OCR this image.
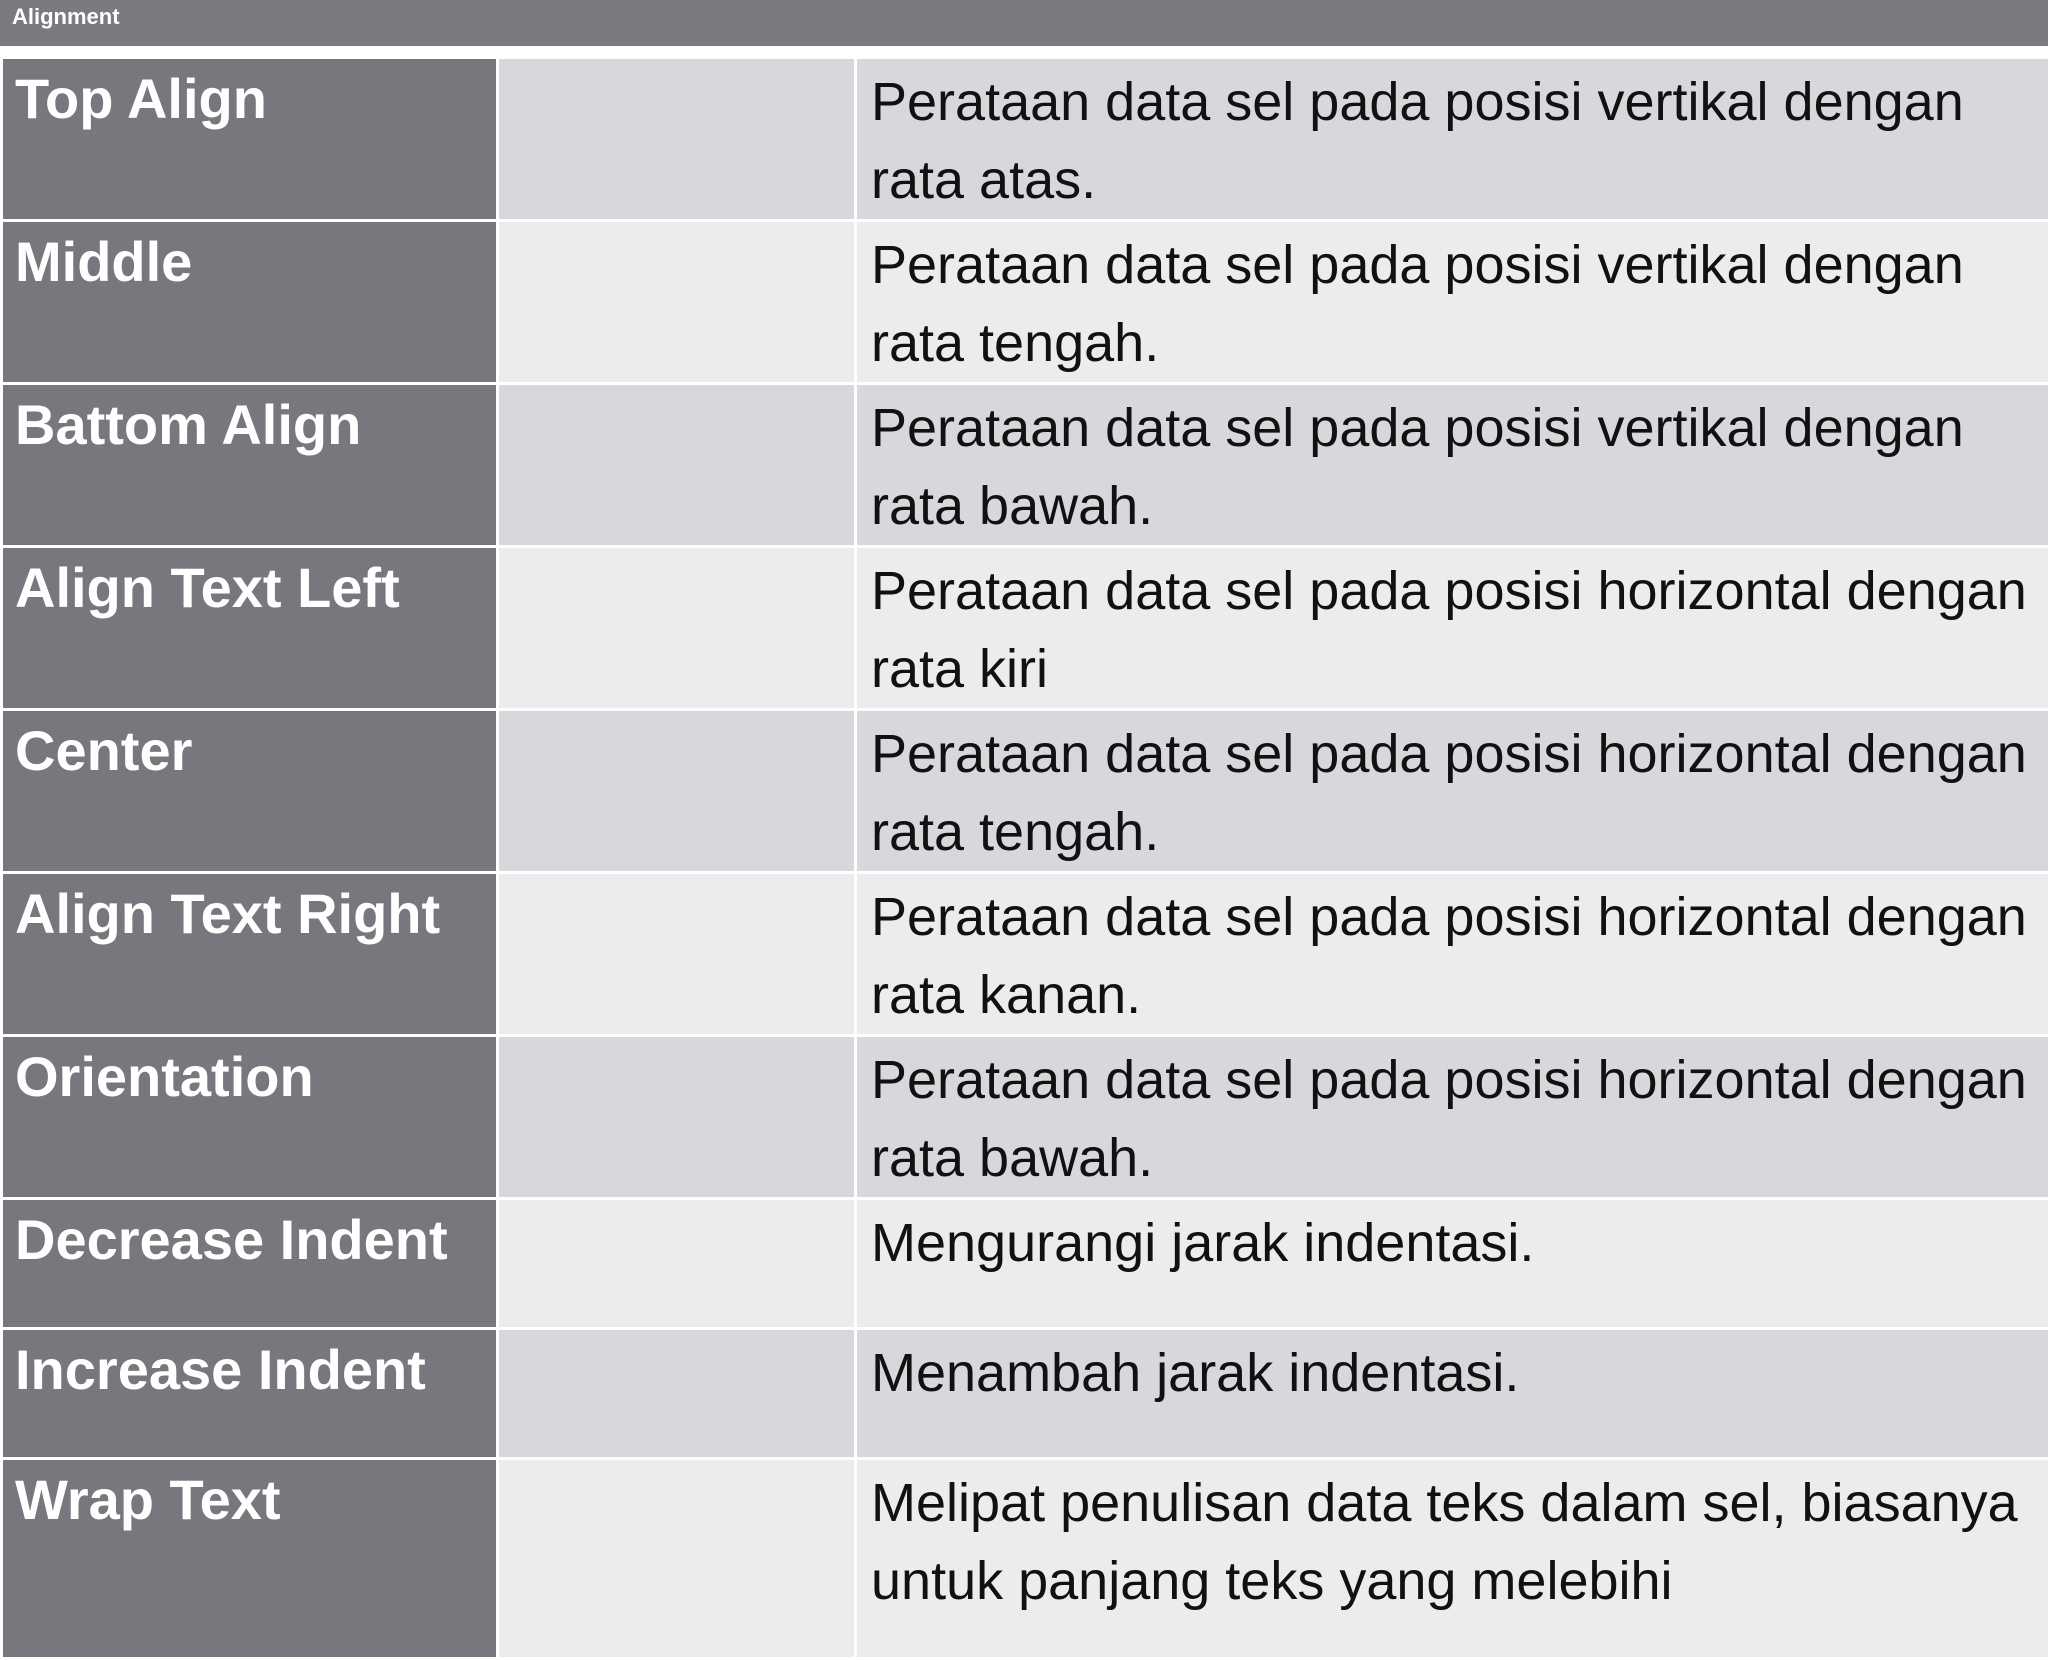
Alignment
Top Align		Perataan data sel pada posisi vertikal dengan rata atas.
Middle		Perataan data sel pada posisi vertikal dengan rata tengah.
Battom Align		Perataan data sel pada posisi vertikal dengan rata bawah.
Align Text Left		Perataan data sel pada posisi horizontal dengan rata kiri
Center		Perataan data sel pada posisi horizontal dengan rata tengah.
Align Text Right		Perataan data sel pada posisi horizontal dengan rata kanan.
Orientation		Perataan data sel pada posisi horizontal dengan rata bawah.
Decrease Indent		Mengurangi jarak indentasi.
Increase Indent		Menambah jarak indentasi.
Wrap Text		Melipat penulisan data teks dalam sel, biasanya untuk panjang teks yang melebihi
